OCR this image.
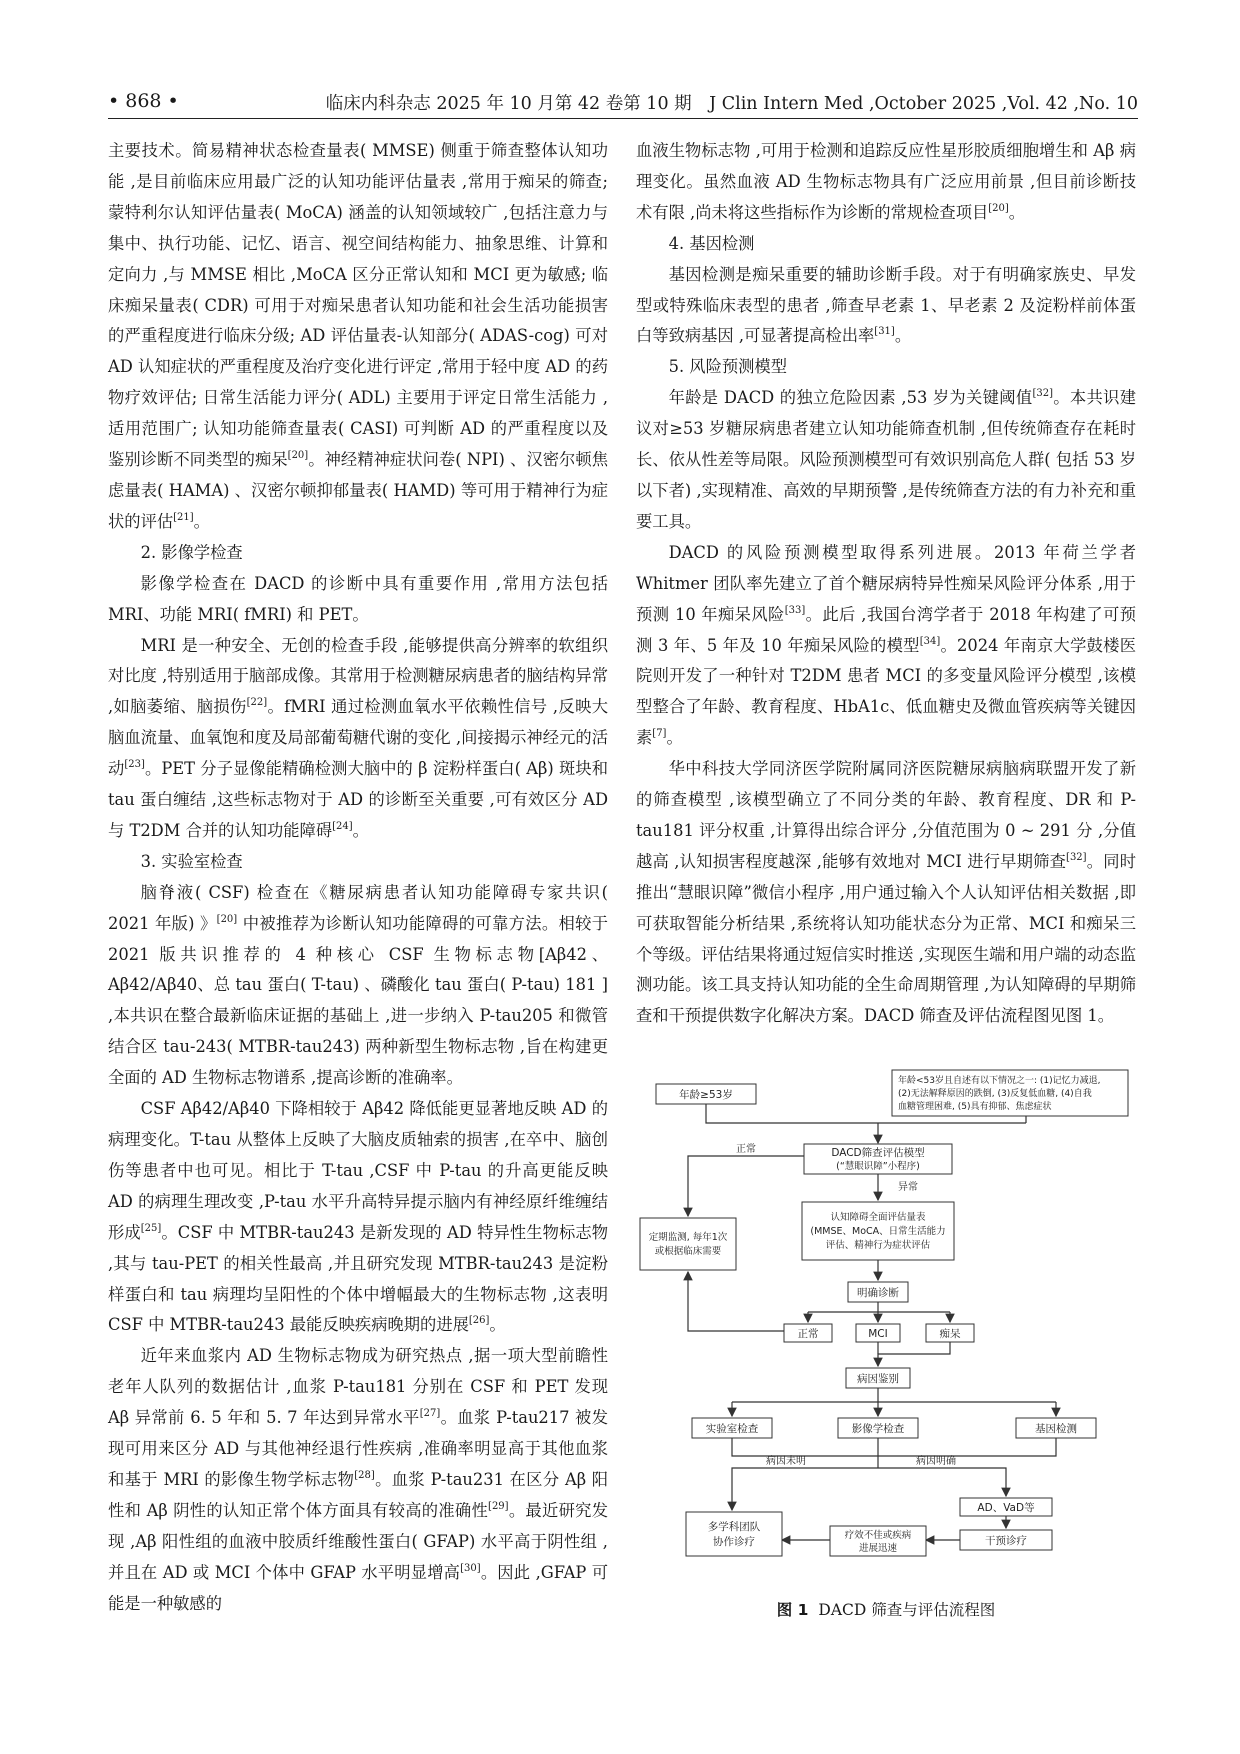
• 868 •	临床内科杂志 2025 年 10 月第 42 卷第 10 期　J Clin Intern Med ,October 2025 ,Vol. 42 ,No. 10

主要技术。简易精神状态检查量表( MMSE) 侧重于筛查整体认知功能 ,是目前临床应用最广泛的认知功能评估量表 ,常用于痴呆的筛查; 蒙特利尔认知评估量表( MoCA) 涵盖的认知领域较广 ,包括注意力与集中、执行功能、记忆、语言、视空间结构能力、抽象思维、计算和定向力 ,与 MMSE 相比 ,MoCA 区分正常认知和 MCI 更为敏感; 临床痴呆量表( CDR) 可用于对痴呆患者认知功能和社会生活功能损害的严重程度进行临床分级; AD 评估量表-认知部分( ADAS-cog) 可对 AD 认知症状的严重程度及治疗变化进行评定 ,常用于轻中度 AD 的药物疗效评估; 日常生活能力评分( ADL) 主要用于评定日常生活能力 ,适用范围广; 认知功能筛查量表( CASI) 可判断 AD 的严重程度以及鉴别诊断不同类型的痴呆[20]。神经精神症状问卷( NPI) 、汉密尔顿焦虑量表( HAMA) 、汉密尔顿抑郁量表( HAMD) 等可用于精神行为症状的评估[21]。

2. 影像学检查

影像学检查在 DACD 的诊断中具有重要作用 ,常用方法包括 MRI、功能 MRI( fMRI) 和 PET。

MRI 是一种安全、无创的检查手段 ,能够提供高分辨率的软组织对比度 ,特别适用于脑部成像。其常用于检测糖尿病患者的脑结构异常 ,如脑萎缩、脑损伤[22]。fMRI 通过检测血氧水平依赖性信号 ,反映大脑血流量、血氧饱和度及局部葡萄糖代谢的变化 ,间接揭示神经元的活动[23]。PET 分子显像能精确检测大脑中的 β 淀粉样蛋白( Aβ) 斑块和 tau 蛋白缠结 ,这些标志物对于 AD 的诊断至关重要 ,可有效区分 AD 与 T2DM 合并的认知功能障碍[24]。

3. 实验室检查

脑脊液( CSF) 检查在《糖尿病患者认知功能障碍专家共识( 2021 年版) 》[20] 中被推荐为诊断认知功能障碍的可靠方法。相较于 2021 版共识推荐的 4 种核心 CSF 生物标志物[Aβ42、Aβ42/Aβ40、总 tau 蛋白( T-tau) 、磷酸化 tau 蛋白( P-tau) 181 ] ,本共识在整合最新临床证据的基础上 ,进一步纳入 P-tau205 和微管结合区 tau-243( MTBR-tau243) 两种新型生物标志物 ,旨在构建更全面的 AD 生物标志物谱系 ,提高诊断的准确率。

CSF Aβ42/Aβ40 下降相较于 Aβ42 降低能更显著地反映 AD 的病理变化。T-tau 从整体上反映了大脑皮质轴索的损害 ,在卒中、脑创伤等患者中也可见。相比于 T-tau ,CSF 中 P-tau 的升高更能反映 AD 的病理生理改变 ,P-tau 水平升高特异提示脑内有神经原纤维缠结形成[25]。CSF 中 MTBR-tau243 是新发现的 AD 特异性生物标志物 ,其与 tau-PET 的相关性最高 ,并且研究发现 MTBR-tau243 是淀粉样蛋白和 tau 病理均呈阳性的个体中增幅最大的生物标志物 ,这表明 CSF 中 MTBR-tau243 最能反映疾病晚期的进展[26]。

近年来血浆内 AD 生物标志物成为研究热点 ,据一项大型前瞻性老年人队列的数据估计 ,血浆 P-tau181 分别在 CSF 和 PET 发现 Aβ 异常前 6. 5 年和 5. 7 年达到异常水平[27]。血浆 P-tau217 被发现可用来区分 AD 与其他神经退行性疾病 ,准确率明显高于其他血浆和基于 MRI 的影像生物学标志物[28]。血浆 P-tau231 在区分 Aβ 阳性和 Aβ 阴性的认知正常个体方面具有较高的准确性[29]。最近研究发现 ,Aβ 阳性组的血液中胶质纤维酸性蛋白( GFAP) 水平高于阴性组 ,并且在 AD 或 MCI 个体中 GFAP 水平明显增高[30]。因此 ,GFAP 可能是一种敏感的

血液生物标志物 ,可用于检测和追踪反应性星形胶质细胞增生和 Aβ 病理变化。虽然血液 AD 生物标志物具有广泛应用前景 ,但目前诊断技术有限 ,尚未将这些指标作为诊断的常规检查项目[20]。

4. 基因检测

基因检测是痴呆重要的辅助诊断手段。对于有明确家族史、早发型或特殊临床表型的患者 ,筛查早老素 1、早老素 2 及淀粉样前体蛋白等致病基因 ,可显著提高检出率[31]。

5. 风险预测模型

年龄是 DACD 的独立危险因素 ,53 岁为关键阈值[32]。本共识建议对≥53 岁糖尿病患者建立认知功能筛查机制 ,但传统筛查存在耗时长、依从性差等局限。风险预测模型可有效识别高危人群( 包括 53 岁以下者) ,实现精准、高效的早期预警 ,是传统筛查方法的有力补充和重要工具。

DACD 的风险预测模型取得系列进展。2013 年荷兰学者 Whitmer 团队率先建立了首个糖尿病特异性痴呆风险评分体系 ,用于预测 10 年痴呆风险[33]。此后 ,我国台湾学者于 2018 年构建了可预测 3 年、5 年及 10 年痴呆风险的模型[34]。2024 年南京大学鼓楼医院则开发了一种针对 T2DM 患者 MCI 的多变量风险评分模型 ,该模型整合了年龄、教育程度、HbA1c、低血糖史及微血管疾病等关键因素[7]。

华中科技大学同济医学院附属同济医院糖尿病脑病联盟开发了新的筛查模型 ,该模型确立了不同分类的年龄、教育程度、DR 和 P-tau181 评分权重 ,计算得出综合评分 ,分值范围为 0 ~ 291 分 ,分值越高 ,认知损害程度越深 ,能够有效地对 MCI 进行早期筛查[32]。同时推出“慧眼识障”微信小程序 ,用户通过输入个人认知评估相关数据 ,即可获取智能分析结果 ,系统将认知功能状态分为正常、MCI 和痴呆三个等级。评估结果将通过短信实时推送 ,实现医生端和用户端的动态监测功能。该工具支持认知功能的全生命周期管理 ,为认知障碍的早期筛查和干预提供数字化解决方案。DACD 筛查及评估流程图见图 1。

年龄≥53岁
年龄<53岁且自述有以下情况之一: (1)记忆力减退,
(2)无法解释原因的跌倒, (3)反复低血糖, (4)自我
血糖管理困难, (5)具有抑郁、焦虑症状
DACD筛查评估模型
(“慧眼识障”小程序)
正常
异常
定期监测, 每年1次
或根据临床需要
认知障碍全面评估量表
(MMSE、MoCA、日常生活能力
评估、精神行为症状评估
明确诊断
正常	MCI	痴呆
病因鉴别
实验室检查	影像学检查	基因检测
病因未明	病因明确
AD、VaD等
干预诊疗
疗效不佳或疾病
进展迅速
多学科团队
协作诊疗
图 1 DACD 筛查与评估流程图
